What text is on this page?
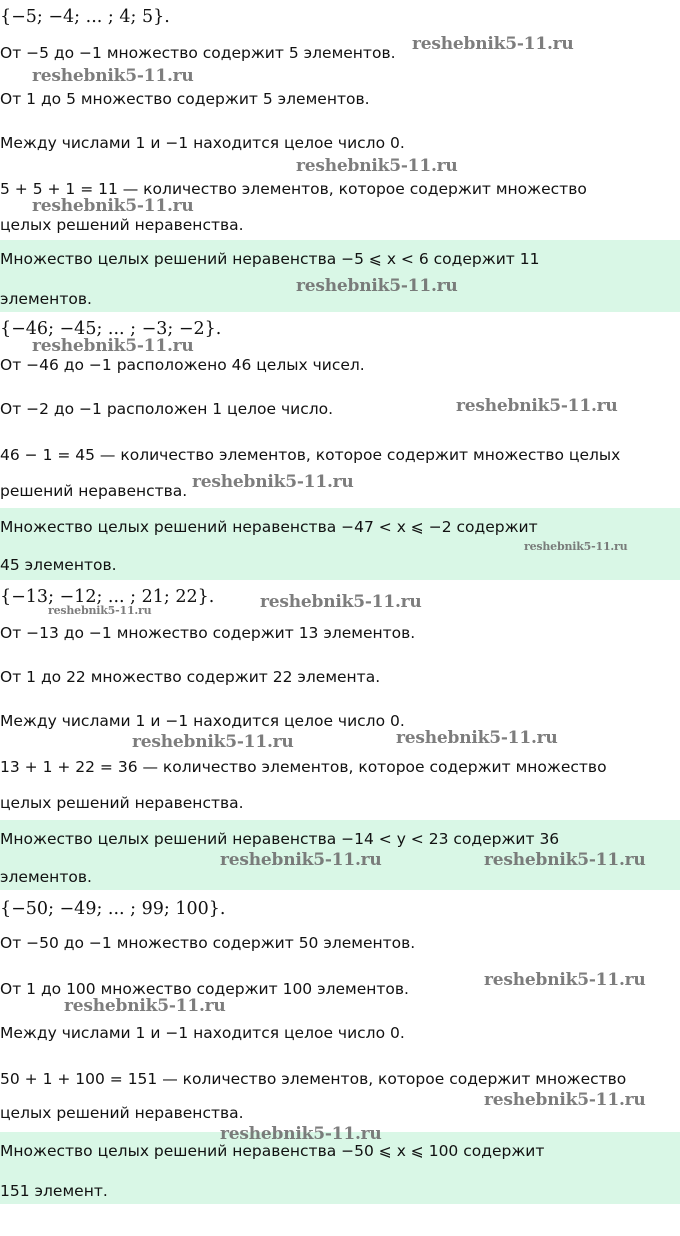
{−5; −4; ... ; 4; 5}.
От −5 до −1 множество содержит 5 элементов.
От 1 до 5 множество содержит 5 элементов.
Между числами 1 и −1 находится целое число 0.
5 + 5 + 1 = 11 — количество элементов, которое содержит множество
целых решений неравенства.
Множество целых решений неравенства −5 ⩽ x < 6 содержит 11
элементов.
{−46; −45; ... ; −3; −2}.
От −46 до −1 расположено 46 целых чисел.
От −2 до −1 расположен 1 целое число.
46 − 1 = 45 — количество элементов, которое содержит множество целых
решений неравенства.
Множество целых решений неравенства −47 < x ⩽ −2 содержит
45 элементов.
{−13; −12; ... ; 21; 22}.
От −13 до −1 множество содержит 13 элементов.
От 1 до 22 множество содержит 22 элемента.
Между числами 1 и −1 находится целое число 0.
13 + 1 + 22 = 36 — количество элементов, которое содержит множество
целых решений неравенства.
Множество целых решений неравенства −14 < y < 23 содержит 36
элементов.
{−50; −49; ... ; 99; 100}.
От −50 до −1 множество содержит 50 элементов.
От 1 до 100 множество содержит 100 элементов.
Между числами 1 и −1 находится целое число 0.
50 + 1 + 100 = 151 — количество элементов, которое содержит множество
целых решений неравенства.
Множество целых решений неравенства −50 ⩽ x ⩽ 100 содержит
151 элемент.
reshebnik5-11.ru
reshebnik5-11.ru
reshebnik5-11.ru
reshebnik5-11.ru
reshebnik5-11.ru
reshebnik5-11.ru
reshebnik5-11.ru
reshebnik5-11.ru
reshebnik5-11.ru
reshebnik5-11.ru
reshebnik5-11.ru
reshebnik5-11.ru	reshebnik5-11.ru
reshebnik5-11.ru	reshebnik5-11.ru
reshebnik5-11.ru
reshebnik5-11.ru
reshebnik5-11.ru
reshebnik5-11.ru
